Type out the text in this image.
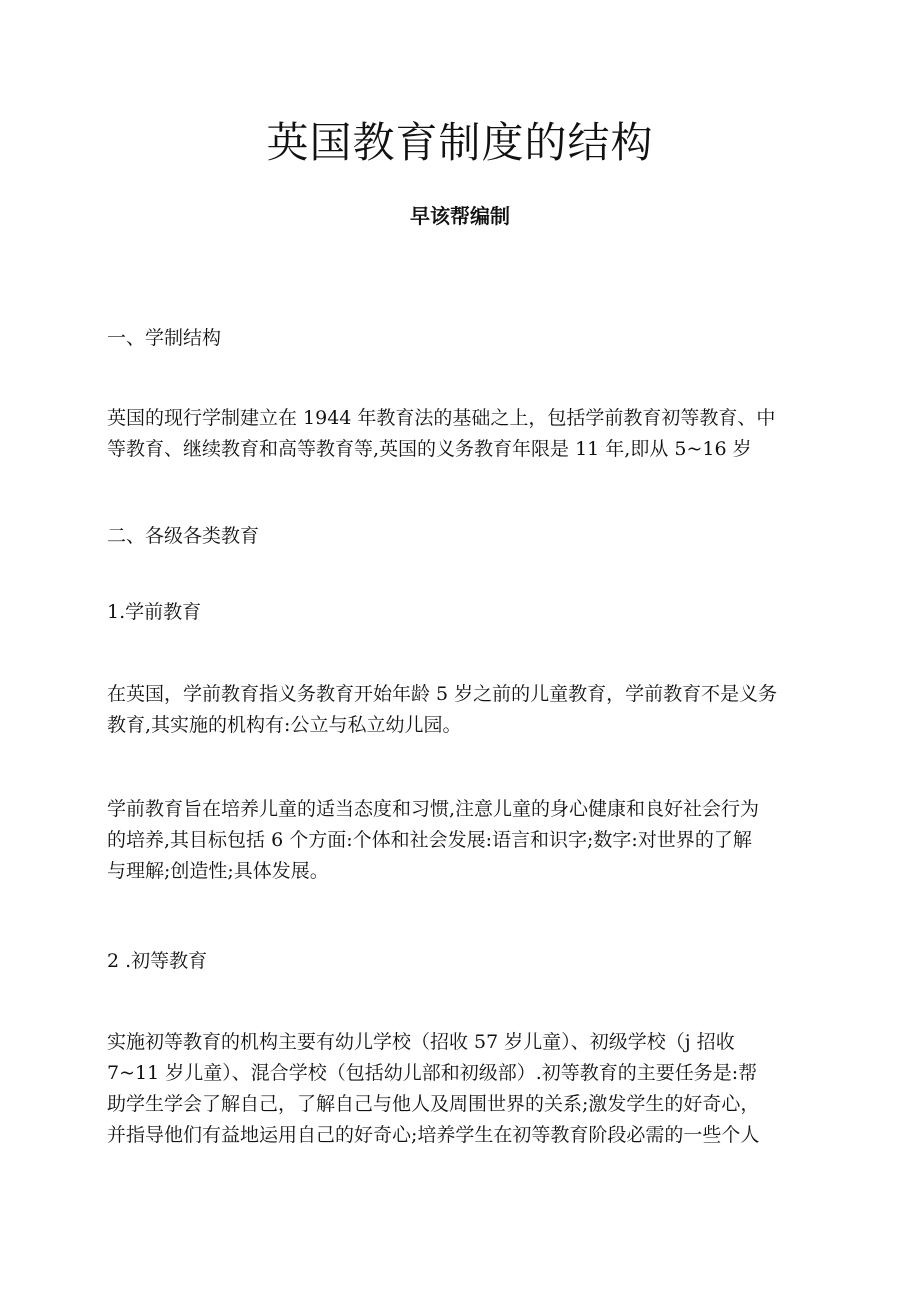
英国教育制度的结构
早该帮编制
一、学制结构
英国的现行学制建立在 1944 年教育法的基础之上，包括学前教育初等教育、中
等教育、继续教育和高等教育等,英国的义务教育年限是 11 年,即从 5~16 岁
二、各级各类教育
1.学前教育
在英国，学前教育指义务教育开始年龄 5 岁之前的儿童教育，学前教育不是义务
教育,其实施的机构有:公立与私立幼儿园。
学前教育旨在培养儿童的适当态度和习惯,注意儿童的身心健康和良好社会行为
的培养,其目标包括 6 个方面:个体和社会发展:语言和识字;数字:对世界的了解
与理解;创造性;具体发展。
2 .初等教育
实施初等教育的机构主要有幼儿学校（招收 57 岁儿童）、初级学校（j 招收
7~11 岁儿童）、混合学校（包括幼儿部和初级部）.初等教育的主要任务是:帮
助学生学会了解自己，了解自己与他人及周围世界的关系;激发学生的好奇心，
并指导他们有益地运用自己的好奇心;培养学生在初等教育阶段必需的一些个人
